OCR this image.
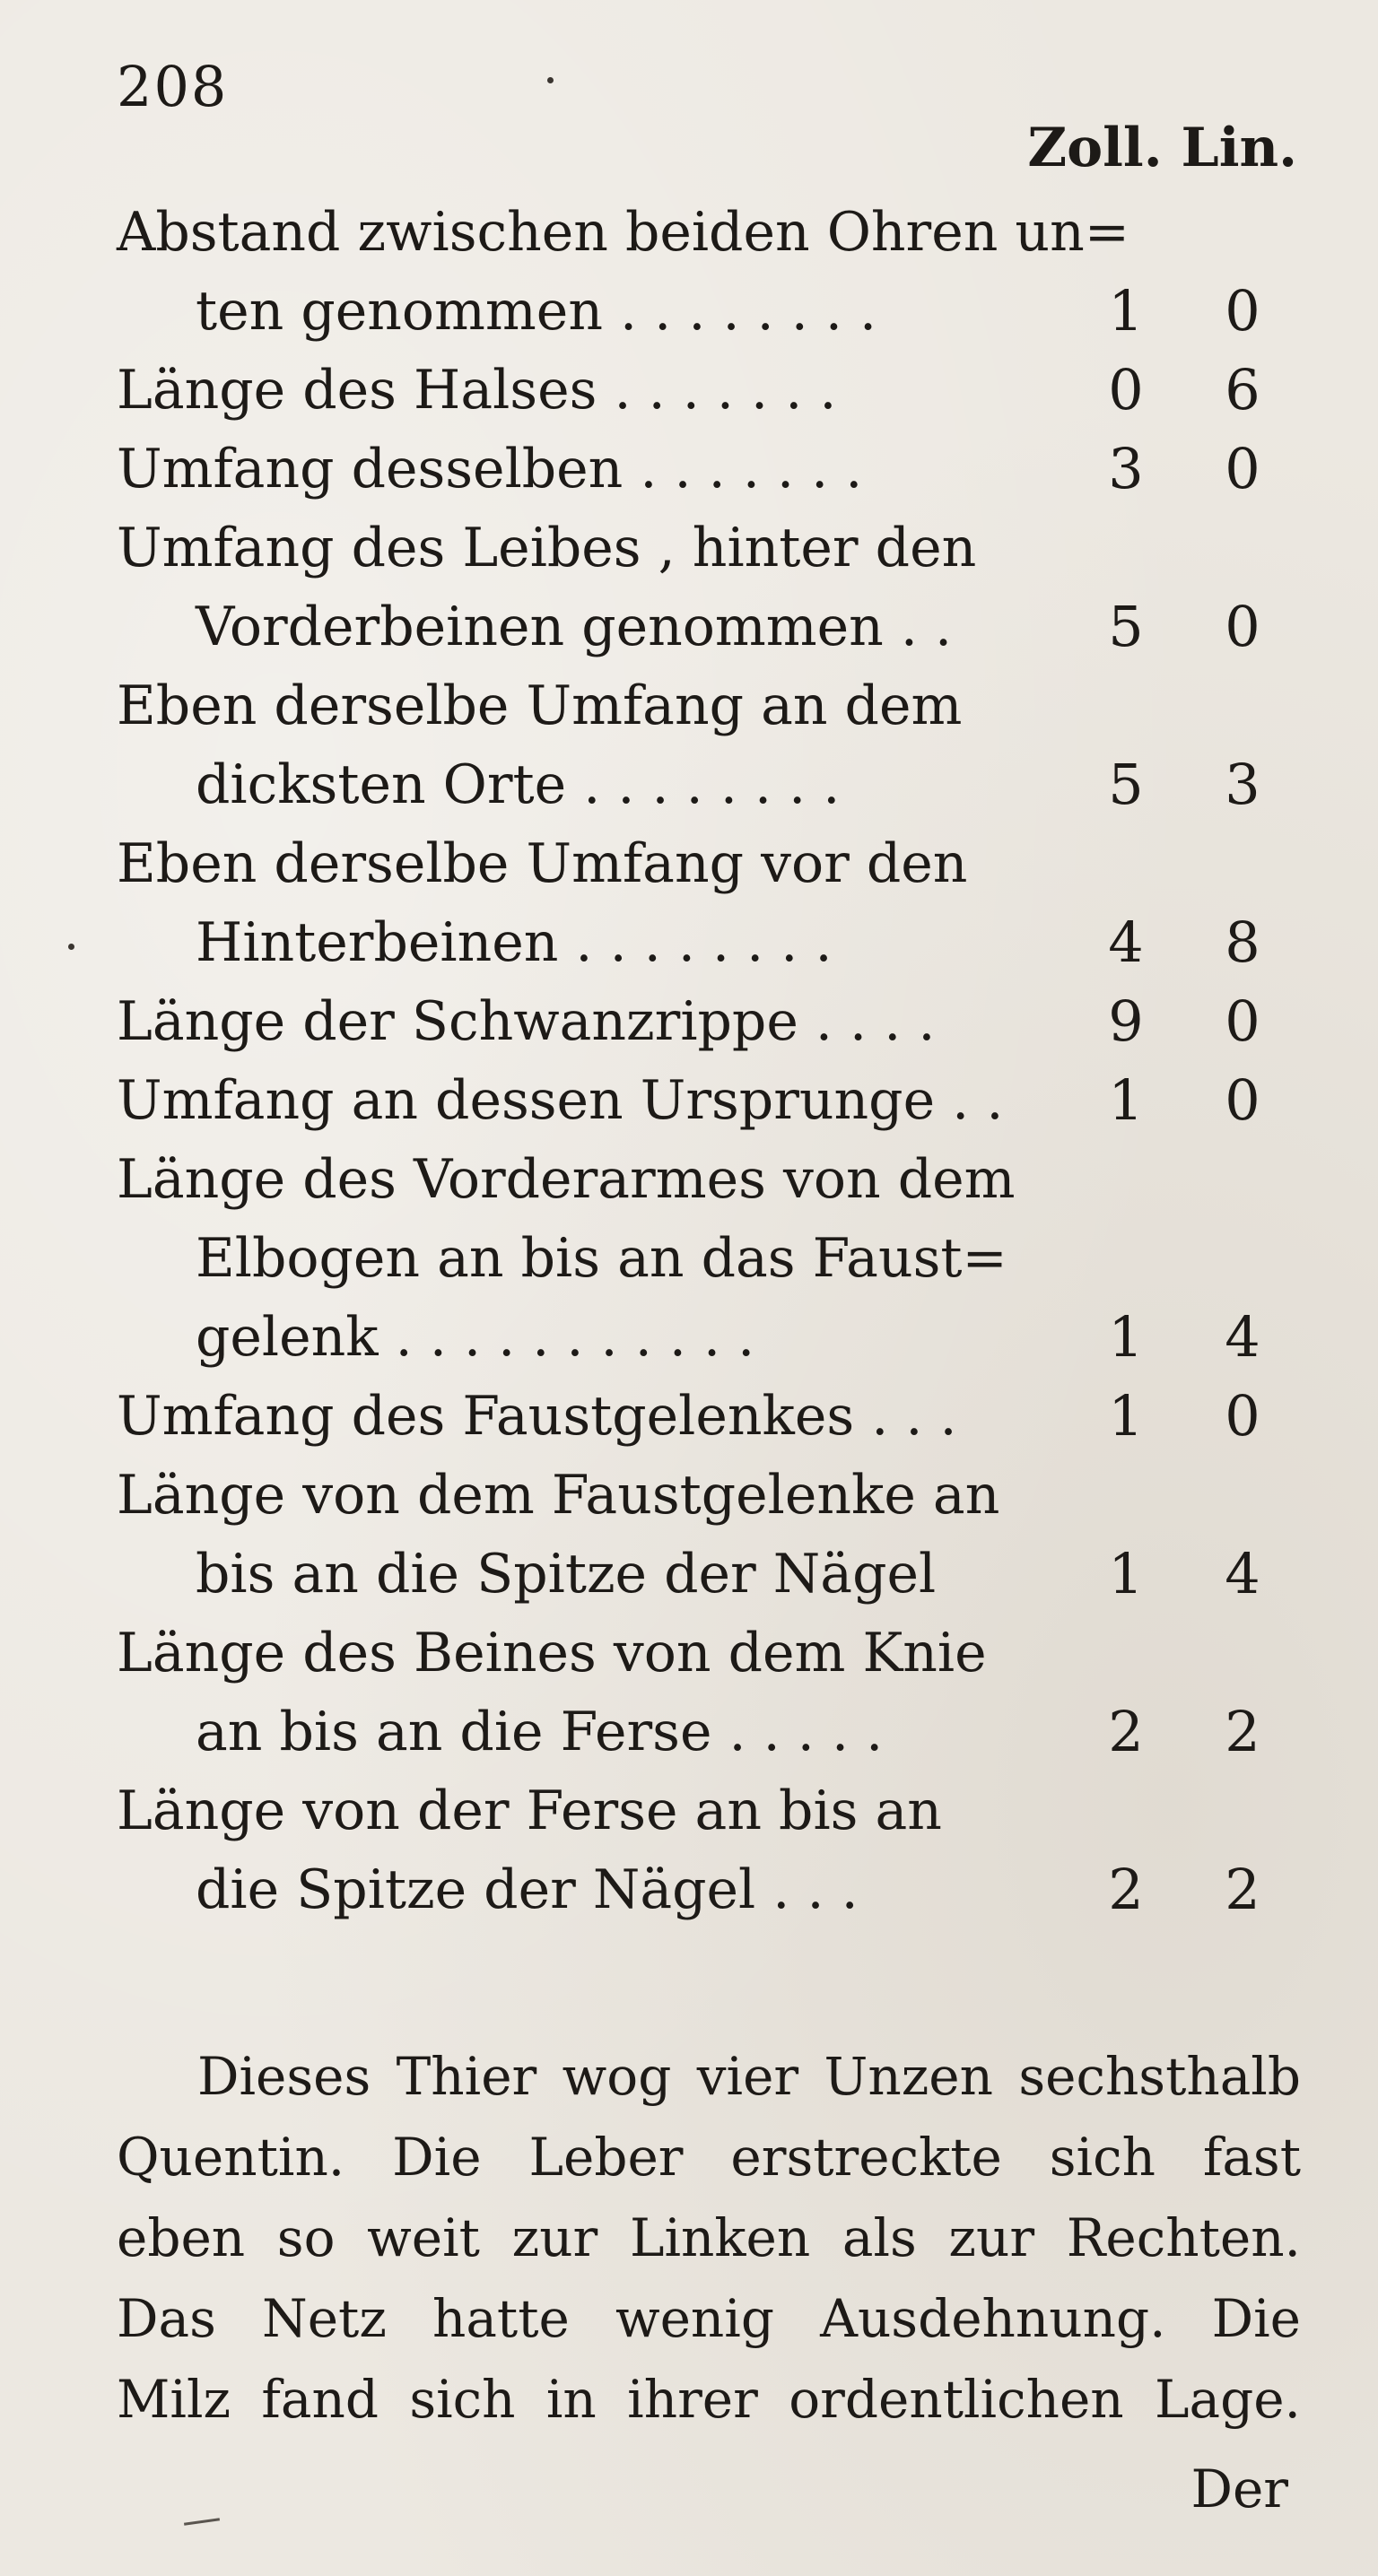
208
Zoll. Lin.
Abstand zwischen beiden Ohren un=
ten genommen . . . . . . . .	1	0
Länge des Halses . . . . . . .	0	6
Umfang desselben . . . . . . .	3	0
Umfang des Leibes , hinter den
Vorderbeinen genommen . .	5	0
Eben derselbe Umfang an dem
dicksten Orte . . . . . . . .	5	3
Eben derselbe Umfang vor den
Hinterbeinen . . . . . . . .	4	8
Länge der Schwanzrippe . . . .	9	0
Umfang an dessen Ursprunge . .	1	0
Länge des Vorderarmes von dem
Elbogen an bis an das Faust=
gelenk . . . . . . . . . . .	1	4
Umfang des Faustgelenkes . . .	1	0
Länge von dem Faustgelenke an
bis an die Spitze der Nägel	1	4
Länge des Beines von dem Knie
an bis an die Ferse . . . . .	2	2
Länge von der Ferse an bis an
die Spitze der Nägel . . .	2	2
Dieses Thier wog vier Unzen sechsthalb
Quentin. Die Leber erstreckte sich fast
eben so weit zur Linken als zur Rechten.
Das Netz hatte wenig Ausdehnung. Die
Milz fand sich in ihrer ordentlichen Lage.
Der
